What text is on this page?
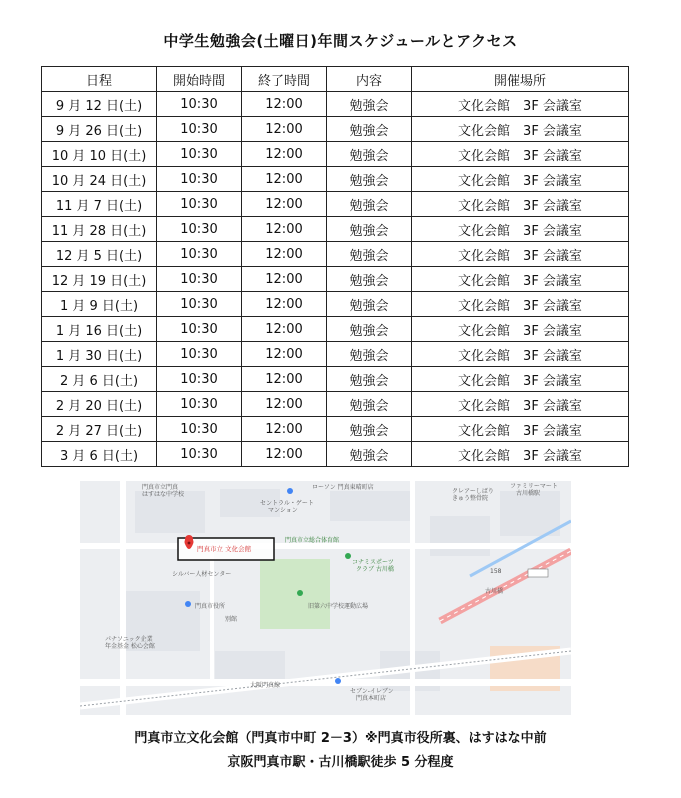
中学生勉強会(土曜日)年間スケジュールとアクセス
日程	開始時間	終了時間	内容	開催場所
9 月 12 日(土)	10:30	12:00	勉強会	文化会館　3F 会議室
9 月 26 日(土)	10:30	12:00	勉強会	文化会館　3F 会議室
10 月 10 日(土)	10:30	12:00	勉強会	文化会館　3F 会議室
10 月 24 日(土)	10:30	12:00	勉強会	文化会館　3F 会議室
11 月 7 日(土)	10:30	12:00	勉強会	文化会館　3F 会議室
11 月 28 日(土)	10:30	12:00	勉強会	文化会館　3F 会議室
12 月 5 日(土)	10:30	12:00	勉強会	文化会館　3F 会議室
12 月 19 日(土)	10:30	12:00	勉強会	文化会館　3F 会議室
1 月 9 日(土)	10:30	12:00	勉強会	文化会館　3F 会議室
1 月 16 日(土)	10:30	12:00	勉強会	文化会館　3F 会議室
1 月 30 日(土)	10:30	12:00	勉強会	文化会館　3F 会議室
2 月 6 日(土)	10:30	12:00	勉強会	文化会館　3F 会議室
2 月 20 日(土)	10:30	12:00	勉強会	文化会館　3F 会議室
2 月 27 日(土)	10:30	12:00	勉強会	文化会館　3F 会議室
3 月 6 日(土)	10:30	12:00	勉強会	文化会館　3F 会議室
門真市立門真
はすはな中学校
ローソン 門真東晴町店
セントラル・ゲート
マンション
門真市立総合体育館
コナミスポーツ
クラブ 古川橋
旧第六中学校運動広場
門真市役所
別館
パナソニック企業
年金基金 松心会館
クレアーしばり
きゅう整骨院
ファミリーマート
古川橋駅
古川橋
セブン-イレブン
門真本町店
シルバー人材センター
大阪門真線
158
門真市立 文化会館
門真市立文化会館（門真市中町 2－3）※門真市役所裏、はすはな中前
京阪門真市駅・古川橋駅徒歩 5 分程度
